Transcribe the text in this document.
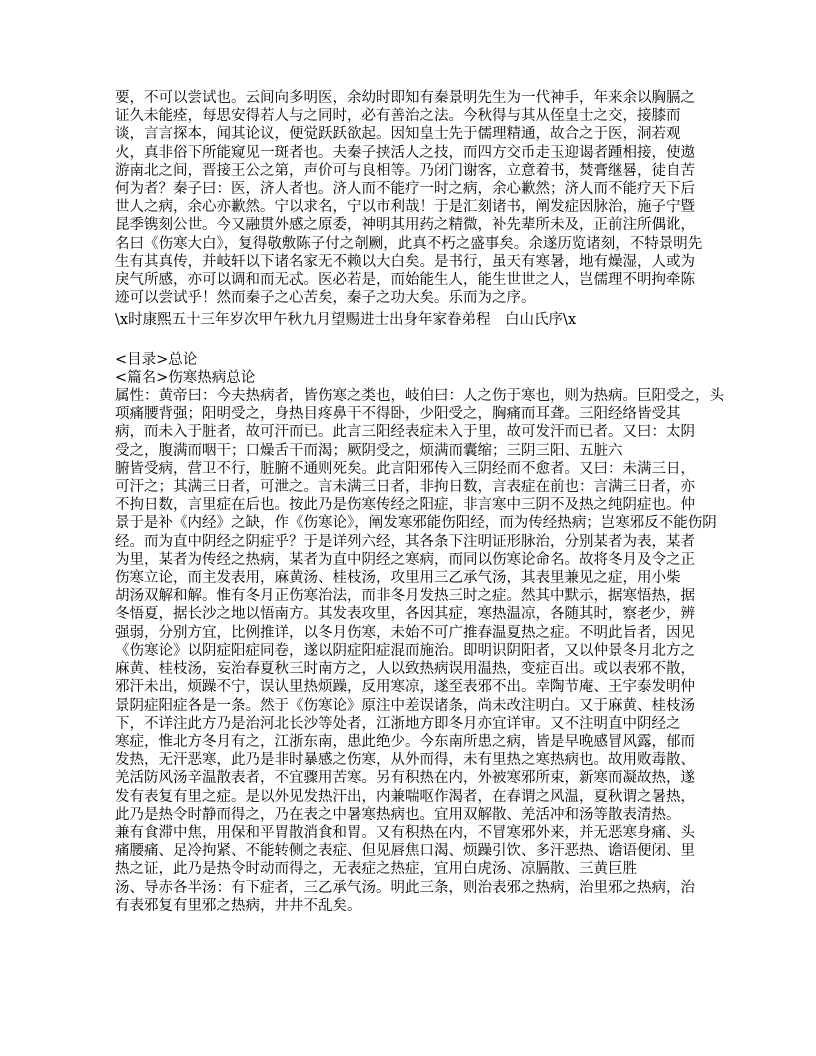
要，不可以尝试也。云间向多明医，余幼时即知有秦景明先生为一代神手，年来余以胸膈之
证久未能痊，每思安得若人与之同时，必有善治之法。今秋得与其从侄皇士之交，接膝而
谈，言言探本，闻其论议，便觉跃跃欲起。因知皇士先于儒理精通，故合之于医，洞若观
火，真非俗下所能窥见一斑者也。夫秦子挟活人之技，而四方交币走玉迎谒者踵相接，使遨
游南北之间，晋接王公之第，声价可与良相等。乃闭门谢客，立意着书，焚膏继晷，徒自苦
何为者？秦子曰：医，济人者也。济人而不能疗一时之病，余心歉然；济人而不能疗天下后
世人之病，余心亦歉然。宁以求名，宁以市利哉！于是汇刻诸书，阐发症因脉治，施子宁暨
昆季镌刻公世。今又融贯外感之原委，神明其用药之精微，补先辈所未及，正前注所偶讹，
名曰《伤寒大白》，复得敬敷陈子付之剞劂，此真不朽之盛事矣。余遂历览诸刻，不特景明先
生有其真传，并岐轩以下诸名家无不赖以大白矣。是书行，虽天有寒暑，地有燥湿，人或为
戾气所感，亦可以调和而无忒。医必若是，而始能生人，能生世世之人，岂儒理不明拘牵陈
迹可以尝试乎！然而秦子之心苦矣，秦子之功大矣。乐而为之序。
\x时康熙五十三年岁次甲午秋九月望赐进士出身年家眷弟程　白山氏序\x
<目录>总论
<篇名>伤寒热病总论
属性：黄帝曰：今夫热病者，皆伤寒之类也，岐伯曰：人之伤于寒也，则为热病。巨阳受之，头
项痛腰背强；阳明受之，身热目疼鼻干不得卧，少阳受之，胸痛而耳聋。三阳经络皆受其
病，而未入于脏者，故可汗而已。此言三阳经表症未入于里，故可发汗而已者。又曰：太阴
受之，腹满而咽干；口燥舌干而渴；厥阴受之，烦满而囊缩；三阴三阳、五脏六
腑皆受病，营卫不行，脏腑不通则死矣。此言阳邪传入三阴经而不愈者。又曰：未满三日，
可汗之；其满三日者，可泄之。言未满三日者，非拘日数，言表症在前也：言满三日者，亦
不拘日数，言里症在后也。按此乃是伤寒传经之阳症，非言寒中三阴不及热之纯阴症也。仲
景于是补《内经》之缺，作《伤寒论》，阐发寒邪能伤阳经，而为传经热病；岂寒邪反不能伤阴
经。而为直中阴经之阴症乎？于是详列六经，其各条下注明证形脉治，分别某者为表，某者
为里，某者为传经之热病，某者为直中阴经之寒病，而同以伤寒论命名。故将冬月及令之正
伤寒立论，而主发表用，麻黄汤、桂枝汤，攻里用三乙承气汤，其表里兼见之症，用小柴
胡汤双解和解。惟有冬月正伤寒治法，而非冬月发热三时之症。然其中默示，据寒悟热，据
冬悟夏，据长沙之地以悟南方。其发表攻里，各因其症，寒热温凉，各随其时，察老少，辨
强弱，分别方宜，比例推详，以冬月伤寒，未始不可广推春温夏热之症。不明此旨者，因见
《伤寒论》以阴症阳症同卷，遂以阴症阳症混而施治。即明识阴阳者，又以仲景冬月北方之
麻黄、桂枝汤，妄治春夏秋三时南方之，人以致热病误用温热，变症百出。或以表邪不散，
邪汗未出，烦躁不宁，误认里热烦躁，反用寒凉，遂至表邪不出。幸陶节庵、王宇泰发明仲
景阴症阳症各是一条。然于《伤寒论》原注中差误诸条，尚未改注明白。又于麻黄、桂枝汤
下，不详注此方乃是治河北长沙等处者，江浙地方即冬月亦宜详审。又不注明直中阴经之
寒症，惟北方冬月有之，江浙东南，患此绝少。今东南所患之病，皆是早晚感冒风露，郁而
发热，无汗恶寒，此乃是非时暴感之伤寒，从外而得，未有里热之寒热病也。故用败毒散、
羌活防风汤辛温散表者，不宜骤用苦寒。另有积热在内，外被寒邪所束，新寒而凝故热，遂
发有表复有里之症。是以外见发热汗出，内兼喘呕作渴者，在春谓之风温，夏秋谓之暑热，
此乃是热令时静而得之，乃在表之中暑寒热病也。宜用双解散、羌活冲和汤等散表清热。
兼有食滞中焦，用保和平胃散消食和胃。又有积热在内，不冒寒邪外来，并无恶寒身痛、头
痛腰痛、足冷拘紧、不能转侧之表症、但见唇焦口渴、烦躁引饮、多汗恶热、谵语便闭、里
热之证，此乃是热令时动而得之，无表症之热症，宜用白虎汤、凉膈散、三黄巨胜
汤、导赤各半汤：有下症者，三乙承气汤。明此三条，则治表邪之热病，治里邪之热病，治
有表邪复有里邪之热病，井井不乱矣。
